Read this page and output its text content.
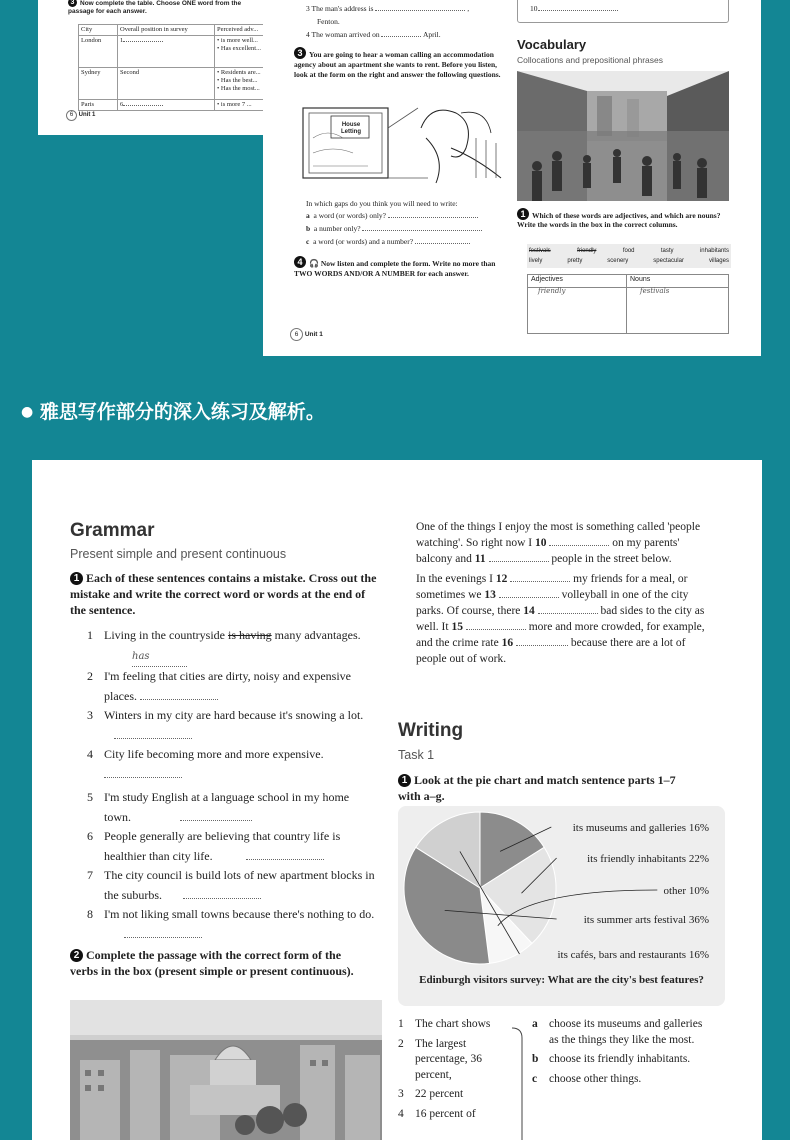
3 Now complete the table. Choose ONE word from the passage for each answer.
City	Overall position in survey	Perceived adv...
London	1	• is more well...
• Has excellent...

Sydney	Second	• Residents are...
• Has the best...
• Has the most...

Paris	6	• is more 7 ...
6 Unit 1
3 The man's address is	,
Fenton.
4 The woman arrived on	April.
3 You are going to hear a woman calling an accommodation agency about an apartment she wants to rent. Before you listen, look at the form on the right and answer the following questions.
House Letting
In which gaps do you think you will need to write:
a a word (or words) only?
b a number only?
c a word (or words) and a number?
4 🎧 Now listen and complete the form. Write no more than TWO WORDS AND/OR A NUMBER for each answer.
6 Unit 1
10
Vocabulary
Collocations and prepositional phrases
1 Which of these words are adjectives, and which are nouns? Write the words in the box in the correct columns.
festivals	friendly	food	tasty	inhabitants
lively	pretty	scenery	spectacular	villages
Adjectives	Nouns
friendly	festivals
● 雅思写作部分的深入练习及解析。
Grammar
Present simple and present continuous
1 Each of these sentences contains a mistake. Cross out the mistake and write the correct word or words at the end of the sentence.
1 Living in the countryside is having many advantages. has
2 I'm feeling that cities are dirty, noisy and expensive places.
3 Winters in my city are hard because it's snowing a lot.
4 City life becoming more and more expensive.

5 I'm study English at a language school in my home town.
6 People generally are believing that country life is healthier than city life.
7 The city council is build lots of new apartment blocks in the suburbs.
8 I'm not liking small towns because there's nothing to do.
2 Complete the passage with the correct form of the verbs in the box (present simple or present continuous).

One of the things I enjoy the most is something called 'people watching'. So right now I 10	on my parents' balcony and 11	people in the street below.

In the evenings I 12	my friends for a meal, or sometimes we 13	volleyball in one of the city parks. Of course, there 14	bad sides to the city as well. It 15	more and more crowded, for example, and the crime rate 16	because there are a lot of people out of work.

Writing
Task 1
1 Look at the pie chart and match sentence parts 1–7 with a–g.
its museums and galleries 16%
its friendly inhabitants 22%
other 10%
its summer arts festival 36%
its cafés, bars and restaurants 16%
Edinburgh visitors survey: What are the city's best features?
1 The chart shows
2 The largest percentage, 36 percent,
3 22 percent
4 16 percent of
a choose its museums and galleries as the things they like the most.
b choose its friendly inhabitants.
c	choose other things.
